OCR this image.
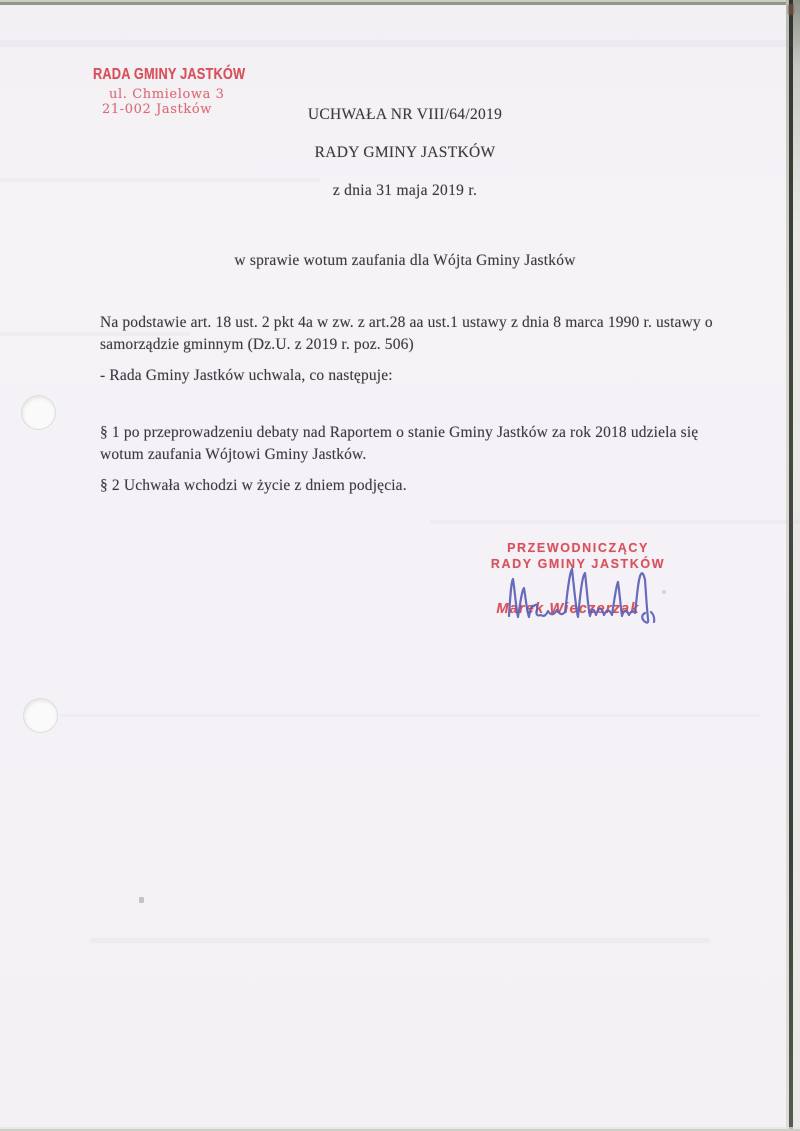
RADA GMINY JASTKÓW
ul. Chmielowa 3
21-002 Jastków	UCHWAŁA NR VIII/64/2019
RADY GMINY JASTKÓW
z dnia 31 maja 2019 r.
w sprawie wotum zaufania dla Wójta Gminy Jastków
Na podstawie art. 18 ust. 2 pkt 4a w zw. z art.28 aa ust.1 ustawy z dnia 8 marca 1990 r. ustawy o samorządzie gminnym (Dz.U. z 2019 r. poz. 506)
- Rada Gminy Jastków uchwala, co następuje:
§ 1 po przeprowadzeniu debaty nad Raportem o stanie Gminy Jastków za rok 2018 udziela się wotum zaufania Wójtowi Gminy Jastków.
§ 2 Uchwała wchodzi w życie z dniem podjęcia.
PRZEWODNICZĄCY
RADY GMINY JASTKÓW
Marek Wieczerzak
